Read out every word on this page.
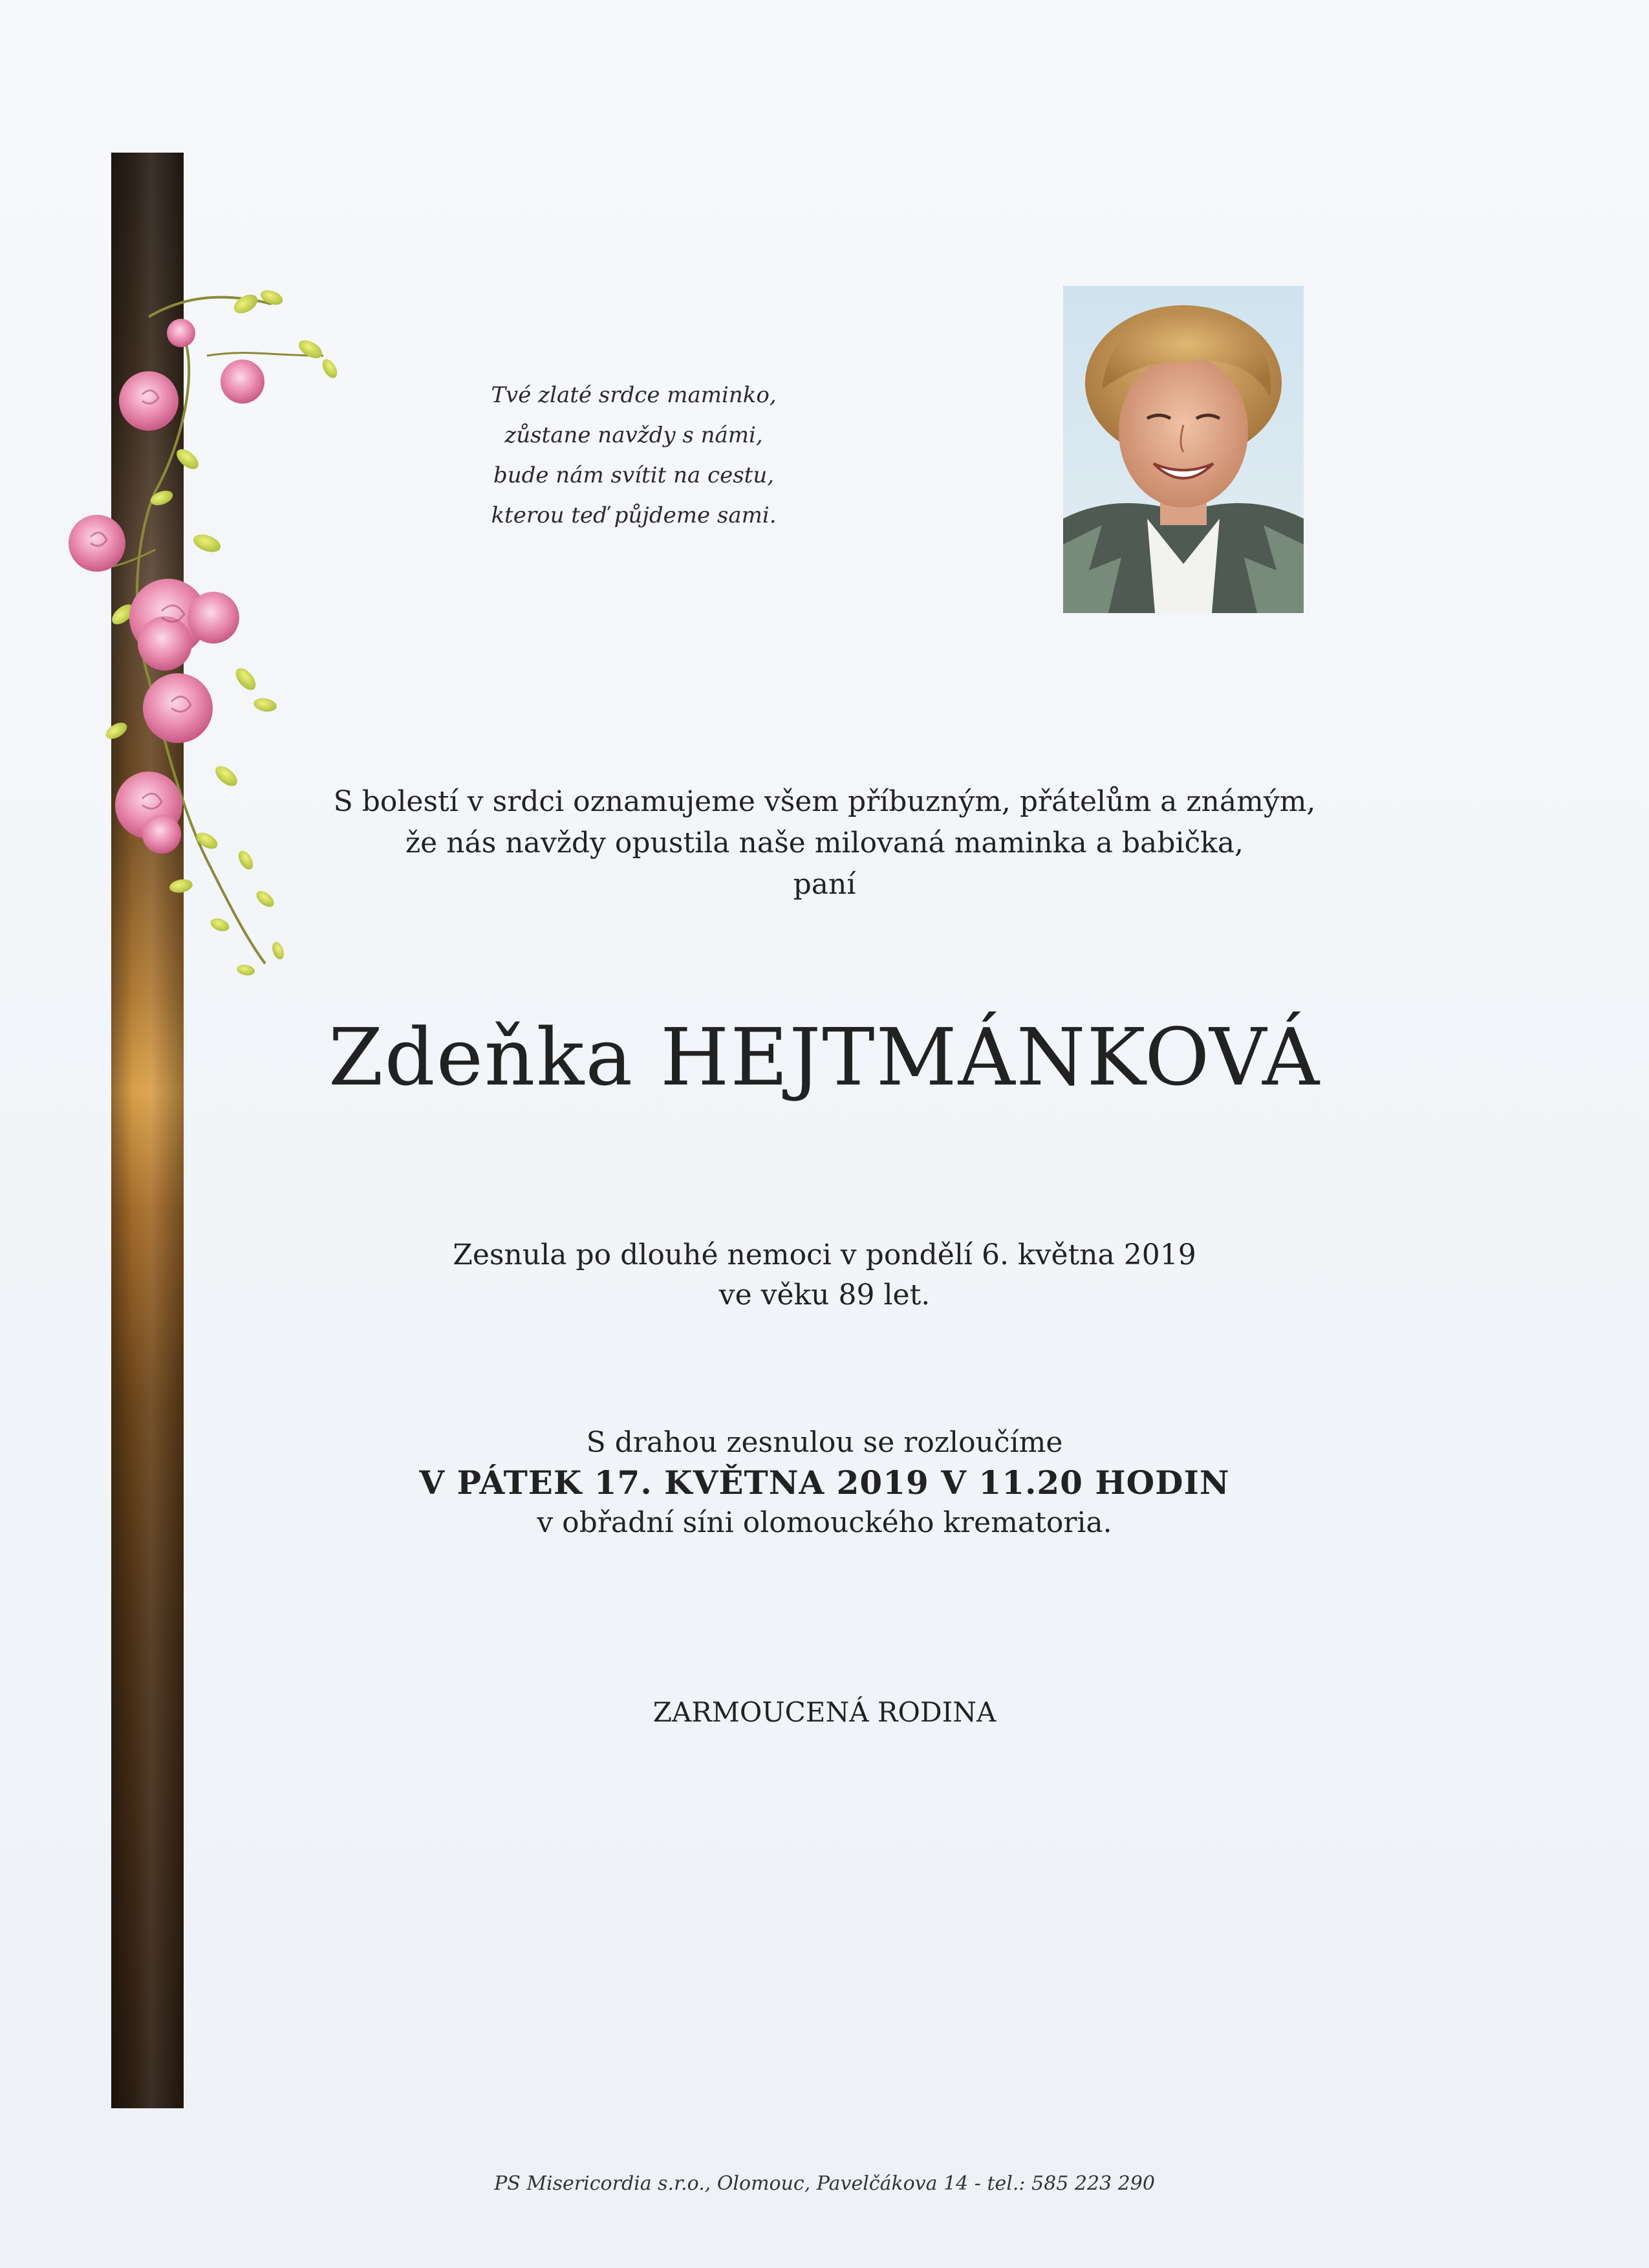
Tvé zlaté srdce maminko,
zůstane navždy s námi,
bude nám svítit na cestu,
kterou teď půjdeme sami.
S bolestí v srdci oznamujeme všem příbuzným, přátelům a známým,
že nás navždy opustila naše milovaná maminka a babička,
paní
Zdeňka HEJTMÁNKOVÁ
Zesnula po dlouhé nemoci v pondělí 6. května 2019
ve věku 89 let.
S drahou zesnulou se rozloučíme
V PÁTEK 17. KVĚTNA 2019 V 11.20 HODIN
v obřadní síni olomouckého krematoria.
ZARMOUCENÁ RODINA
PS Misericordia s.r.o., Olomouc, Pavelčákova 14 - tel.: 585 223 290
